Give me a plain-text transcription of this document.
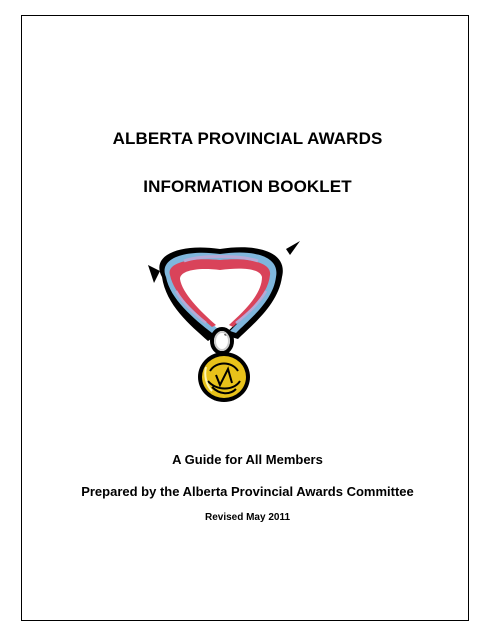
ALBERTA PROVINCIAL AWARDS
INFORMATION BOOKLET

A Guide for All Members

Prepared by the Alberta Provincial Awards Committee

Revised May 2011
